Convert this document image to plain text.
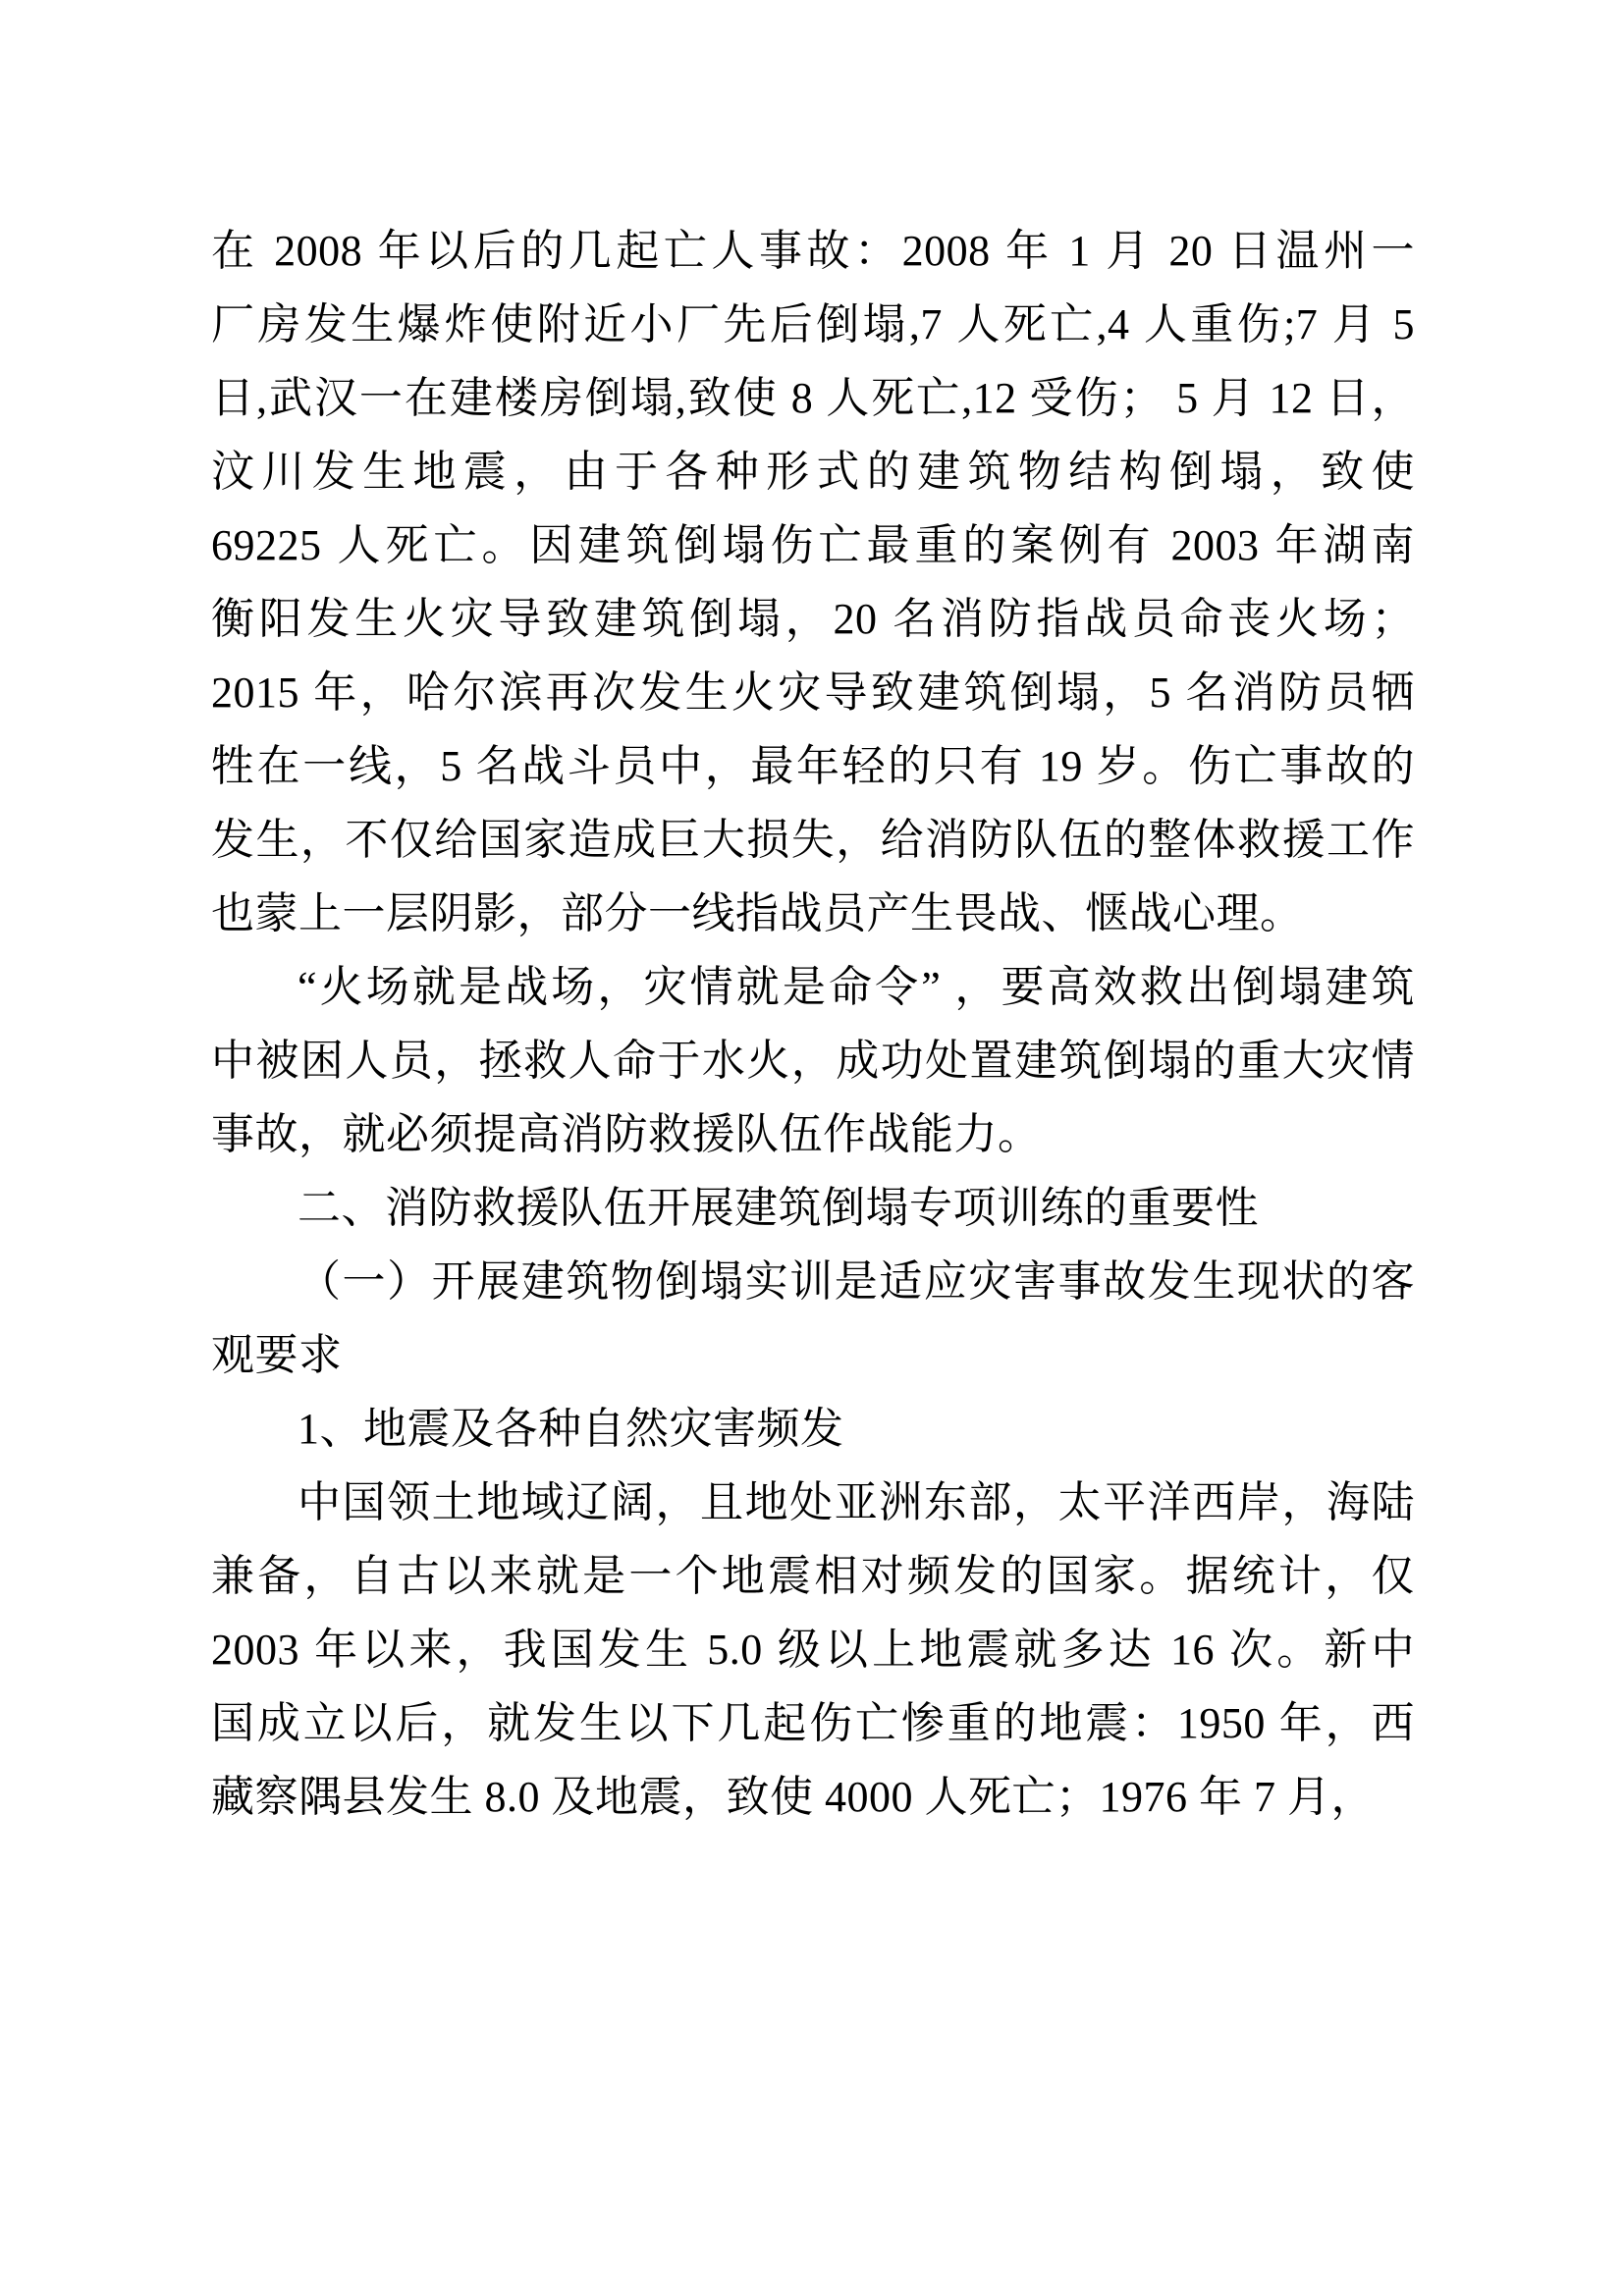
在 2008 年以后的几起亡人事故：2008 年 1 月 20 日温州一
厂房发生爆炸使附近小厂先后倒塌,7 人死亡,4 人重伤;7 月 5
日,武汉一在建楼房倒塌,致使 8 人死亡,12 受伤； 5 月 12 日，
汶川发生地震，由于各种形式的建筑物结构倒塌，致使
69225 人死亡。因建筑倒塌伤亡最重的案例有 2003 年湖南
衡阳发生火灾导致建筑倒塌，20 名消防指战员命丧火场；
2015 年，哈尔滨再次发生火灾导致建筑倒塌，5 名消防员牺
牲在一线，5 名战斗员中，最年轻的只有 19 岁。伤亡事故的
发生，不仅给国家造成巨大损失，给消防队伍的整体救援工作
也蒙上一层阴影，部分一线指战员产生畏战、惬战心理。
“火场就是战场，灾情就是命令” ，要高效救出倒塌建筑
中被困人员，拯救人命于水火，成功处置建筑倒塌的重大灾情
事故，就必须提高消防救援队伍作战能力。
二、消防救援队伍开展建筑倒塌专项训练的重要性
（一）开展建筑物倒塌实训是适应灾害事故发生现状的客
观要求
1、地震及各种自然灾害频发
中国领土地域辽阔，且地处亚洲东部，太平洋西岸，海陆
兼备，自古以来就是一个地震相对频发的国家。据统计，仅
2003 年以来，我国发生 5.0 级以上地震就多达 16 次。新中
国成立以后，就发生以下几起伤亡惨重的地震：1950 年，西
藏察隅县发生 8.0 及地震，致使 4000 人死亡；1976 年 7 月，
